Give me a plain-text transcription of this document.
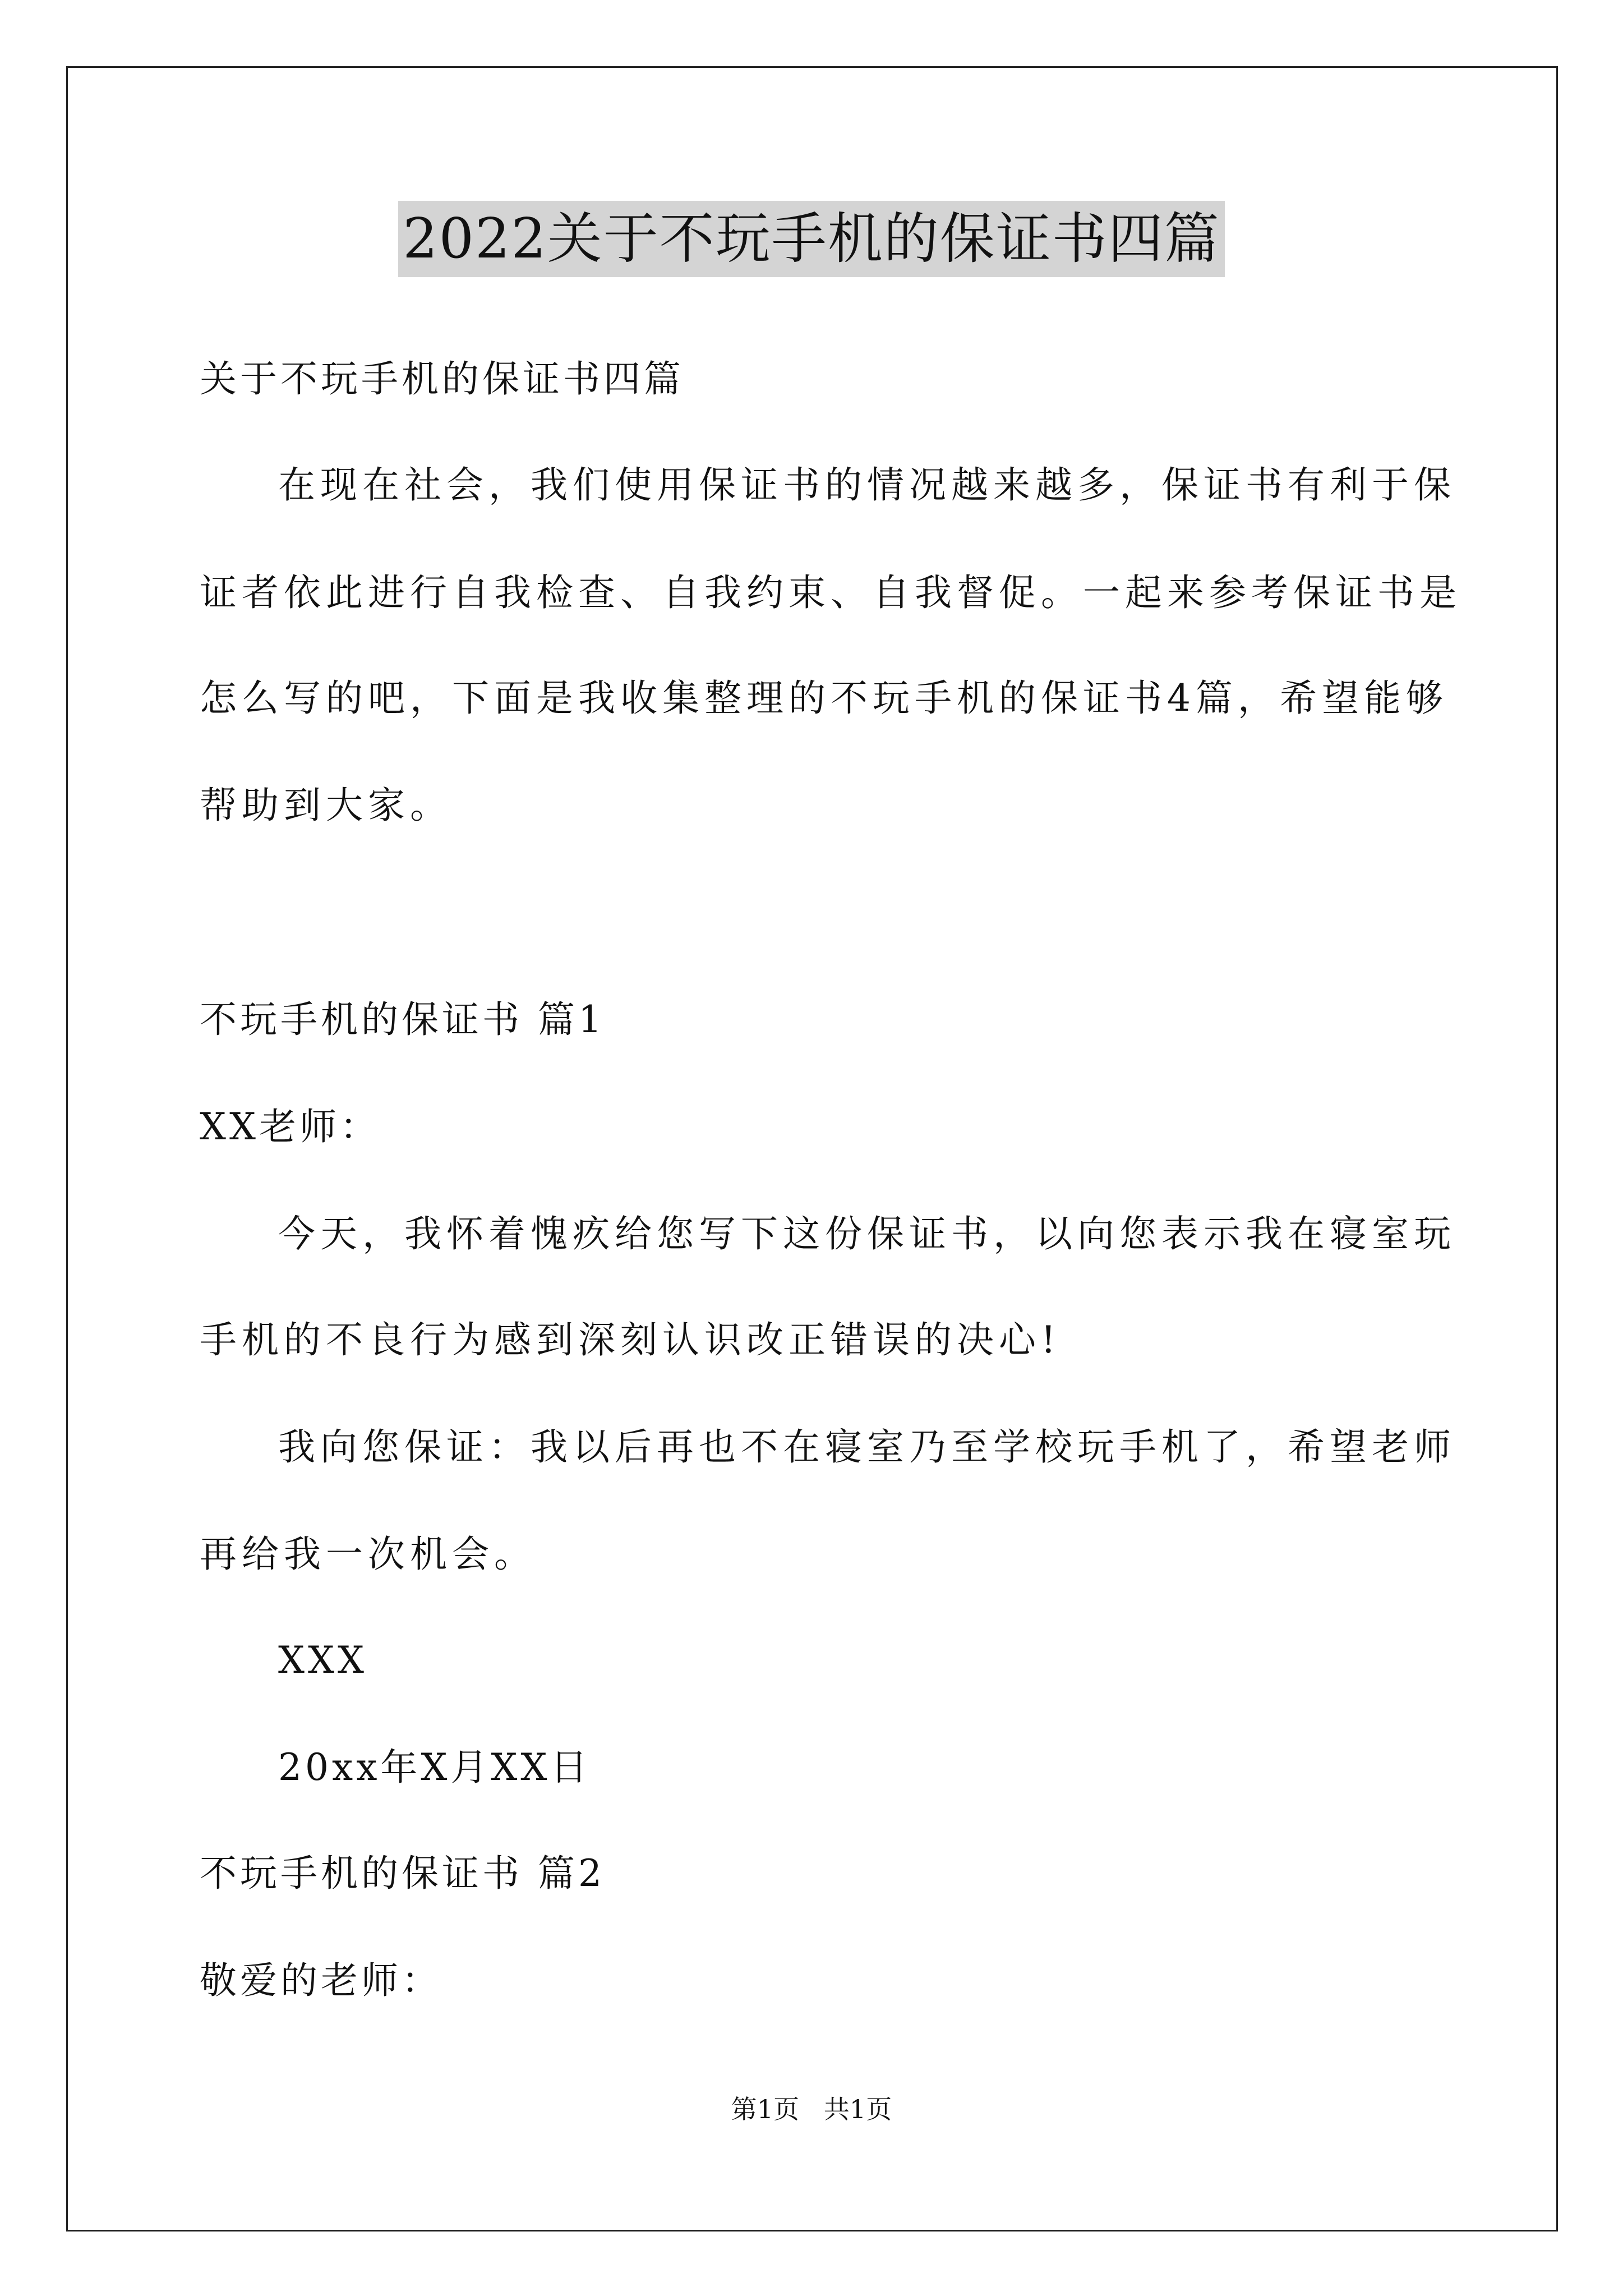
2022关于不玩手机的保证书四篇
关于不玩手机的保证书四篇
在现在社会，我们使用保证书的情况越来越多，保证书有利于保
证者依此进行自我检查、自我约束、自我督促。一起来参考保证书是
怎么写的吧，下面是我收集整理的不玩手机的保证书4篇，希望能够
帮助到大家。
不玩手机的保证书 篇1
XX老师：
今天，我怀着愧疚给您写下这份保证书，以向您表示我在寝室玩
手机的不良行为感到深刻认识改正错误的决心!
我向您保证：我以后再也不在寝室乃至学校玩手机了，希望老师
再给我一次机会。
XXX
20xx年X月XX日
不玩手机的保证书 篇2
敬爱的老师：
第1页   共1页
